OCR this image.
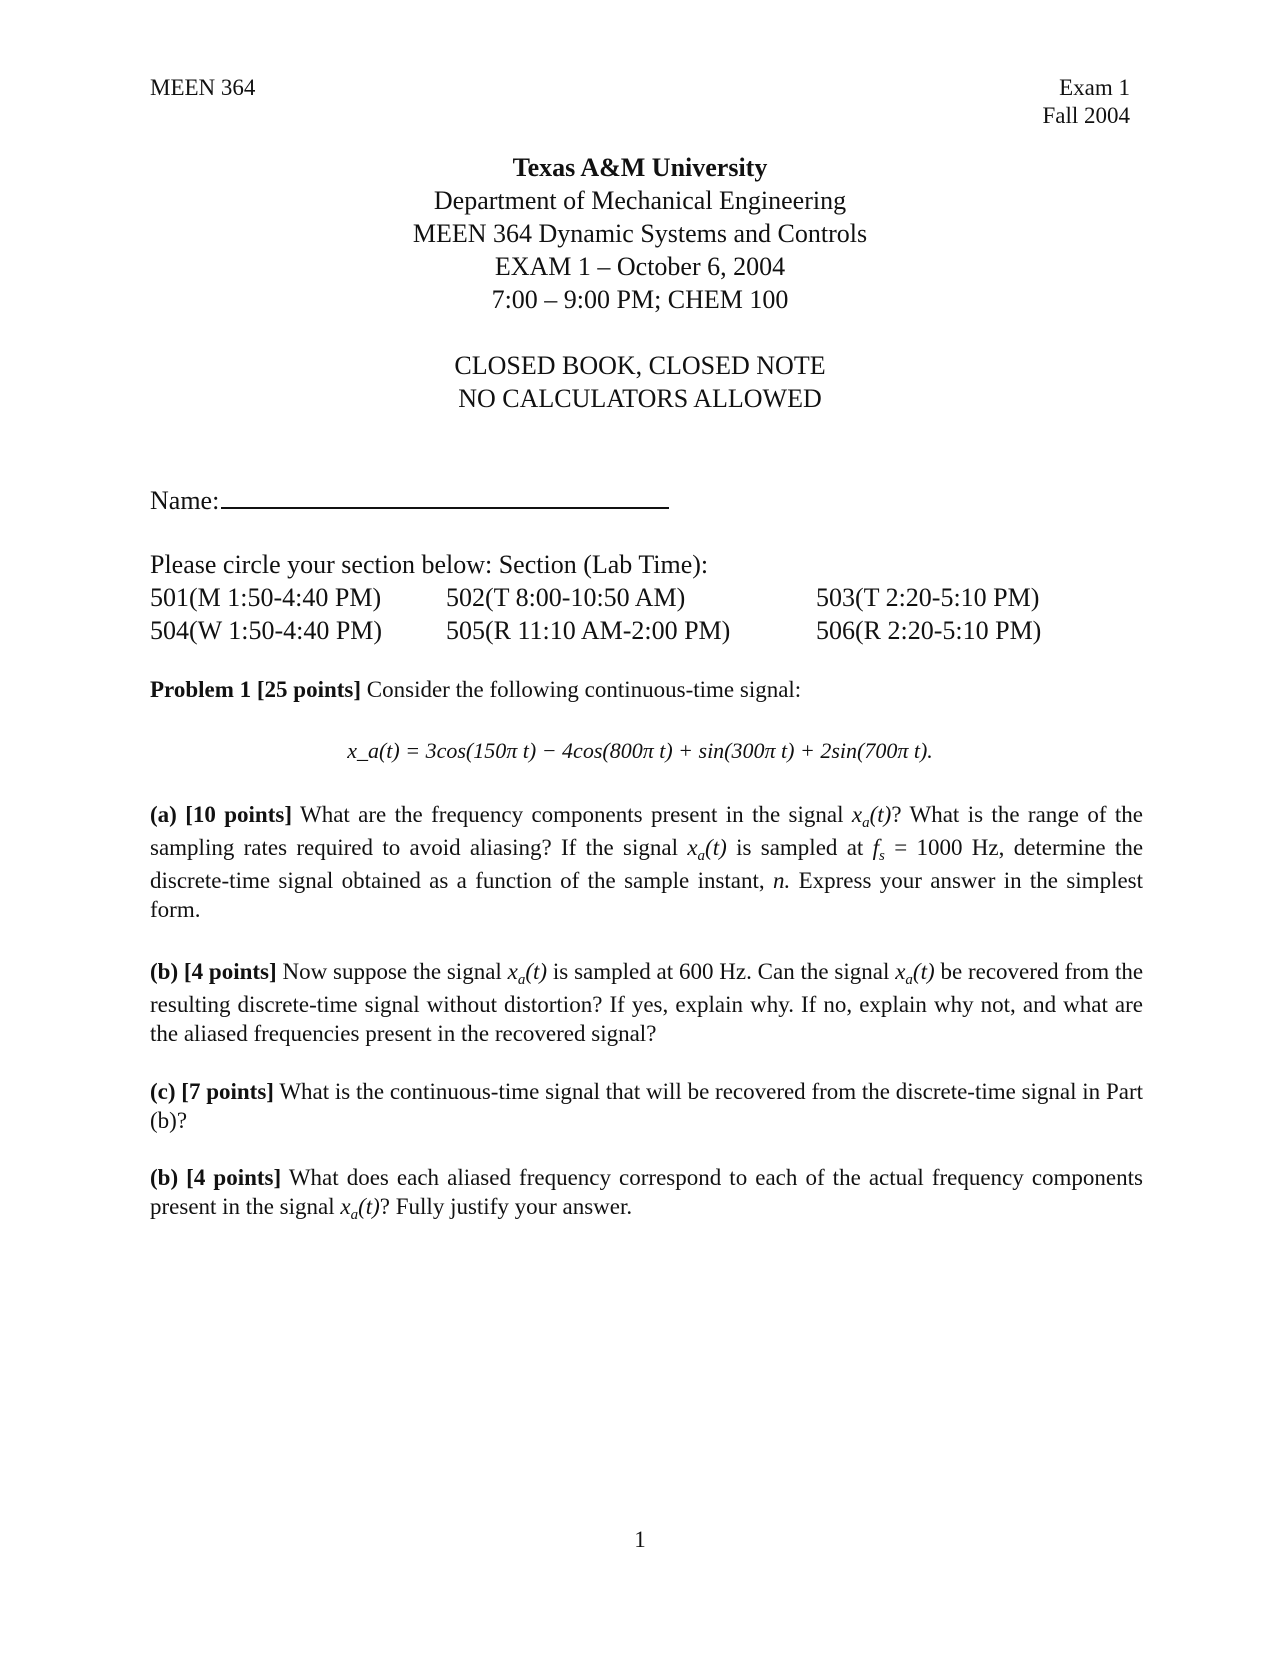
MEEN 364	Exam 1
Fall 2004
Texas A&M University
Department of Mechanical Engineering
MEEN 364 Dynamic Systems and Controls
EXAM 1 – October 6, 2004
7:00 – 9:00 PM; CHEM 100
CLOSED BOOK, CLOSED NOTE
NO CALCULATORS ALLOWED
Name:
Please circle your section below: Section (Lab Time):
501(M 1:50-4:40 PM) 502(T 8:00-10:50 AM)	503(T 2:20-5:10 PM)
504(W 1:50-4:40 PM) 505(R 11:10 AM-2:00 PM)	506(R 2:20-5:10 PM)
Problem 1 [25 points] Consider the following continuous-time signal:
x_a(t) = 3cos(150π t) − 4cos(800π t) + sin(300π t) + 2sin(700π t).
(a) [10 points] What are the frequency components present in the signal $x_a(t)$? What is the range of the sampling rates required to avoid aliasing? If the signal $x_a(t)$ is sampled at $f_s = 1000$ Hz, determine the discrete-time signal obtained as a function of the sample instant, n. Express your answer in the simplest form.
(b) [4 points] Now suppose the signal $x_a(t)$ is sampled at 600 Hz. Can the signal $x_a(t)$ be recovered from the resulting discrete-time signal without distortion? If yes, explain why. If no, explain why not, and what are the aliased frequencies present in the recovered signal?
(c) [7 points] What is the continuous-time signal that will be recovered from the discrete-time signal in Part (b)?
(b) [4 points] What does each aliased frequency correspond to each of the actual frequency components present in the signal $x_a(t)$? Fully justify your answer.
1
